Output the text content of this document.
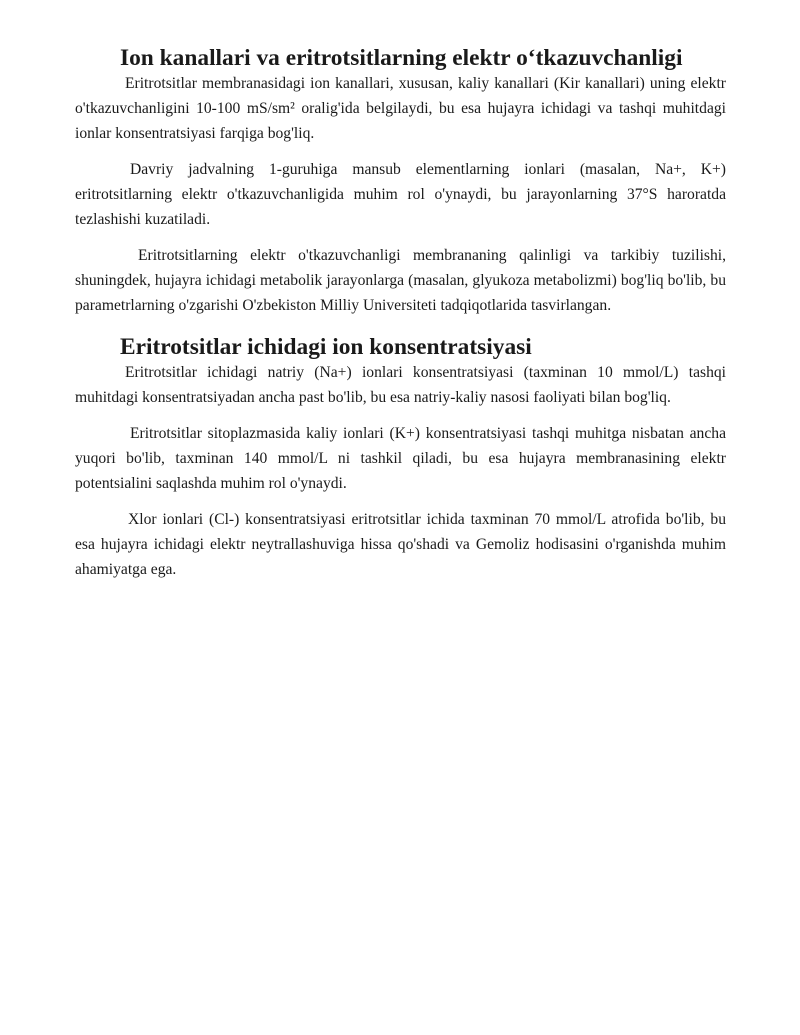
Ion kanallari va eritrotsitlarning elektr o‘tkazuvchanligi

Eritrotsitlar membranasidagi ion kanallari, xususan, kaliy kanallari (Kir kanallari) uning elektr o'tkazuvchanligini 10-100 mS/sm² oralig'ida belgilaydi, bu esa hujayra ichidagi va tashqi muhitdagi ionlar konsentratsiyasi farqiga bog'liq.

Davriy jadvalning 1-guruhiga mansub elementlarning ionlari (masalan, Na+, K+) eritrotsitlarning elektr o'tkazuvchanligida muhim rol o'ynaydi, bu jarayonlarning 37°S haroratda tezlashishi kuzatiladi.

Eritrotsitlarning elektr o'tkazuvchanligi membrananing qalinligi va tarkibiy tuzilishi, shuningdek, hujayra ichidagi metabolik jarayonlarga (masalan, glyukoza metabolizmi) bog'liq bo'lib, bu parametrlarning o'zgarishi O'zbekiston Milliy Universiteti tadqiqotlarida tasvirlangan.

Eritrotsitlar ichidagi ion konsentratsiyasi

Eritrotsitlar ichidagi natriy (Na+) ionlari konsentratsiyasi (taxminan 10 mmol/L) tashqi muhitdagi konsentratsiyadan ancha past bo'lib, bu esa natriy-kaliy nasosi faoliyati bilan bog'liq.

Eritrotsitlar sitoplazmasida kaliy ionlari (K+) konsentratsiyasi tashqi muhitga nisbatan ancha yuqori bo'lib, taxminan 140 mmol/L ni tashkil qiladi, bu esa hujayra membranasining elektr potentsialini saqlashda muhim rol o'ynaydi.

Xlor ionlari (Cl-) konsentratsiyasi eritrotsitlar ichida taxminan 70 mmol/L atrofida bo'lib, bu esa hujayra ichidagi elektr neytrallashuviga hissa qo'shadi va Gemoliz hodisasini o'rganishda muhim ahamiyatga ega.
